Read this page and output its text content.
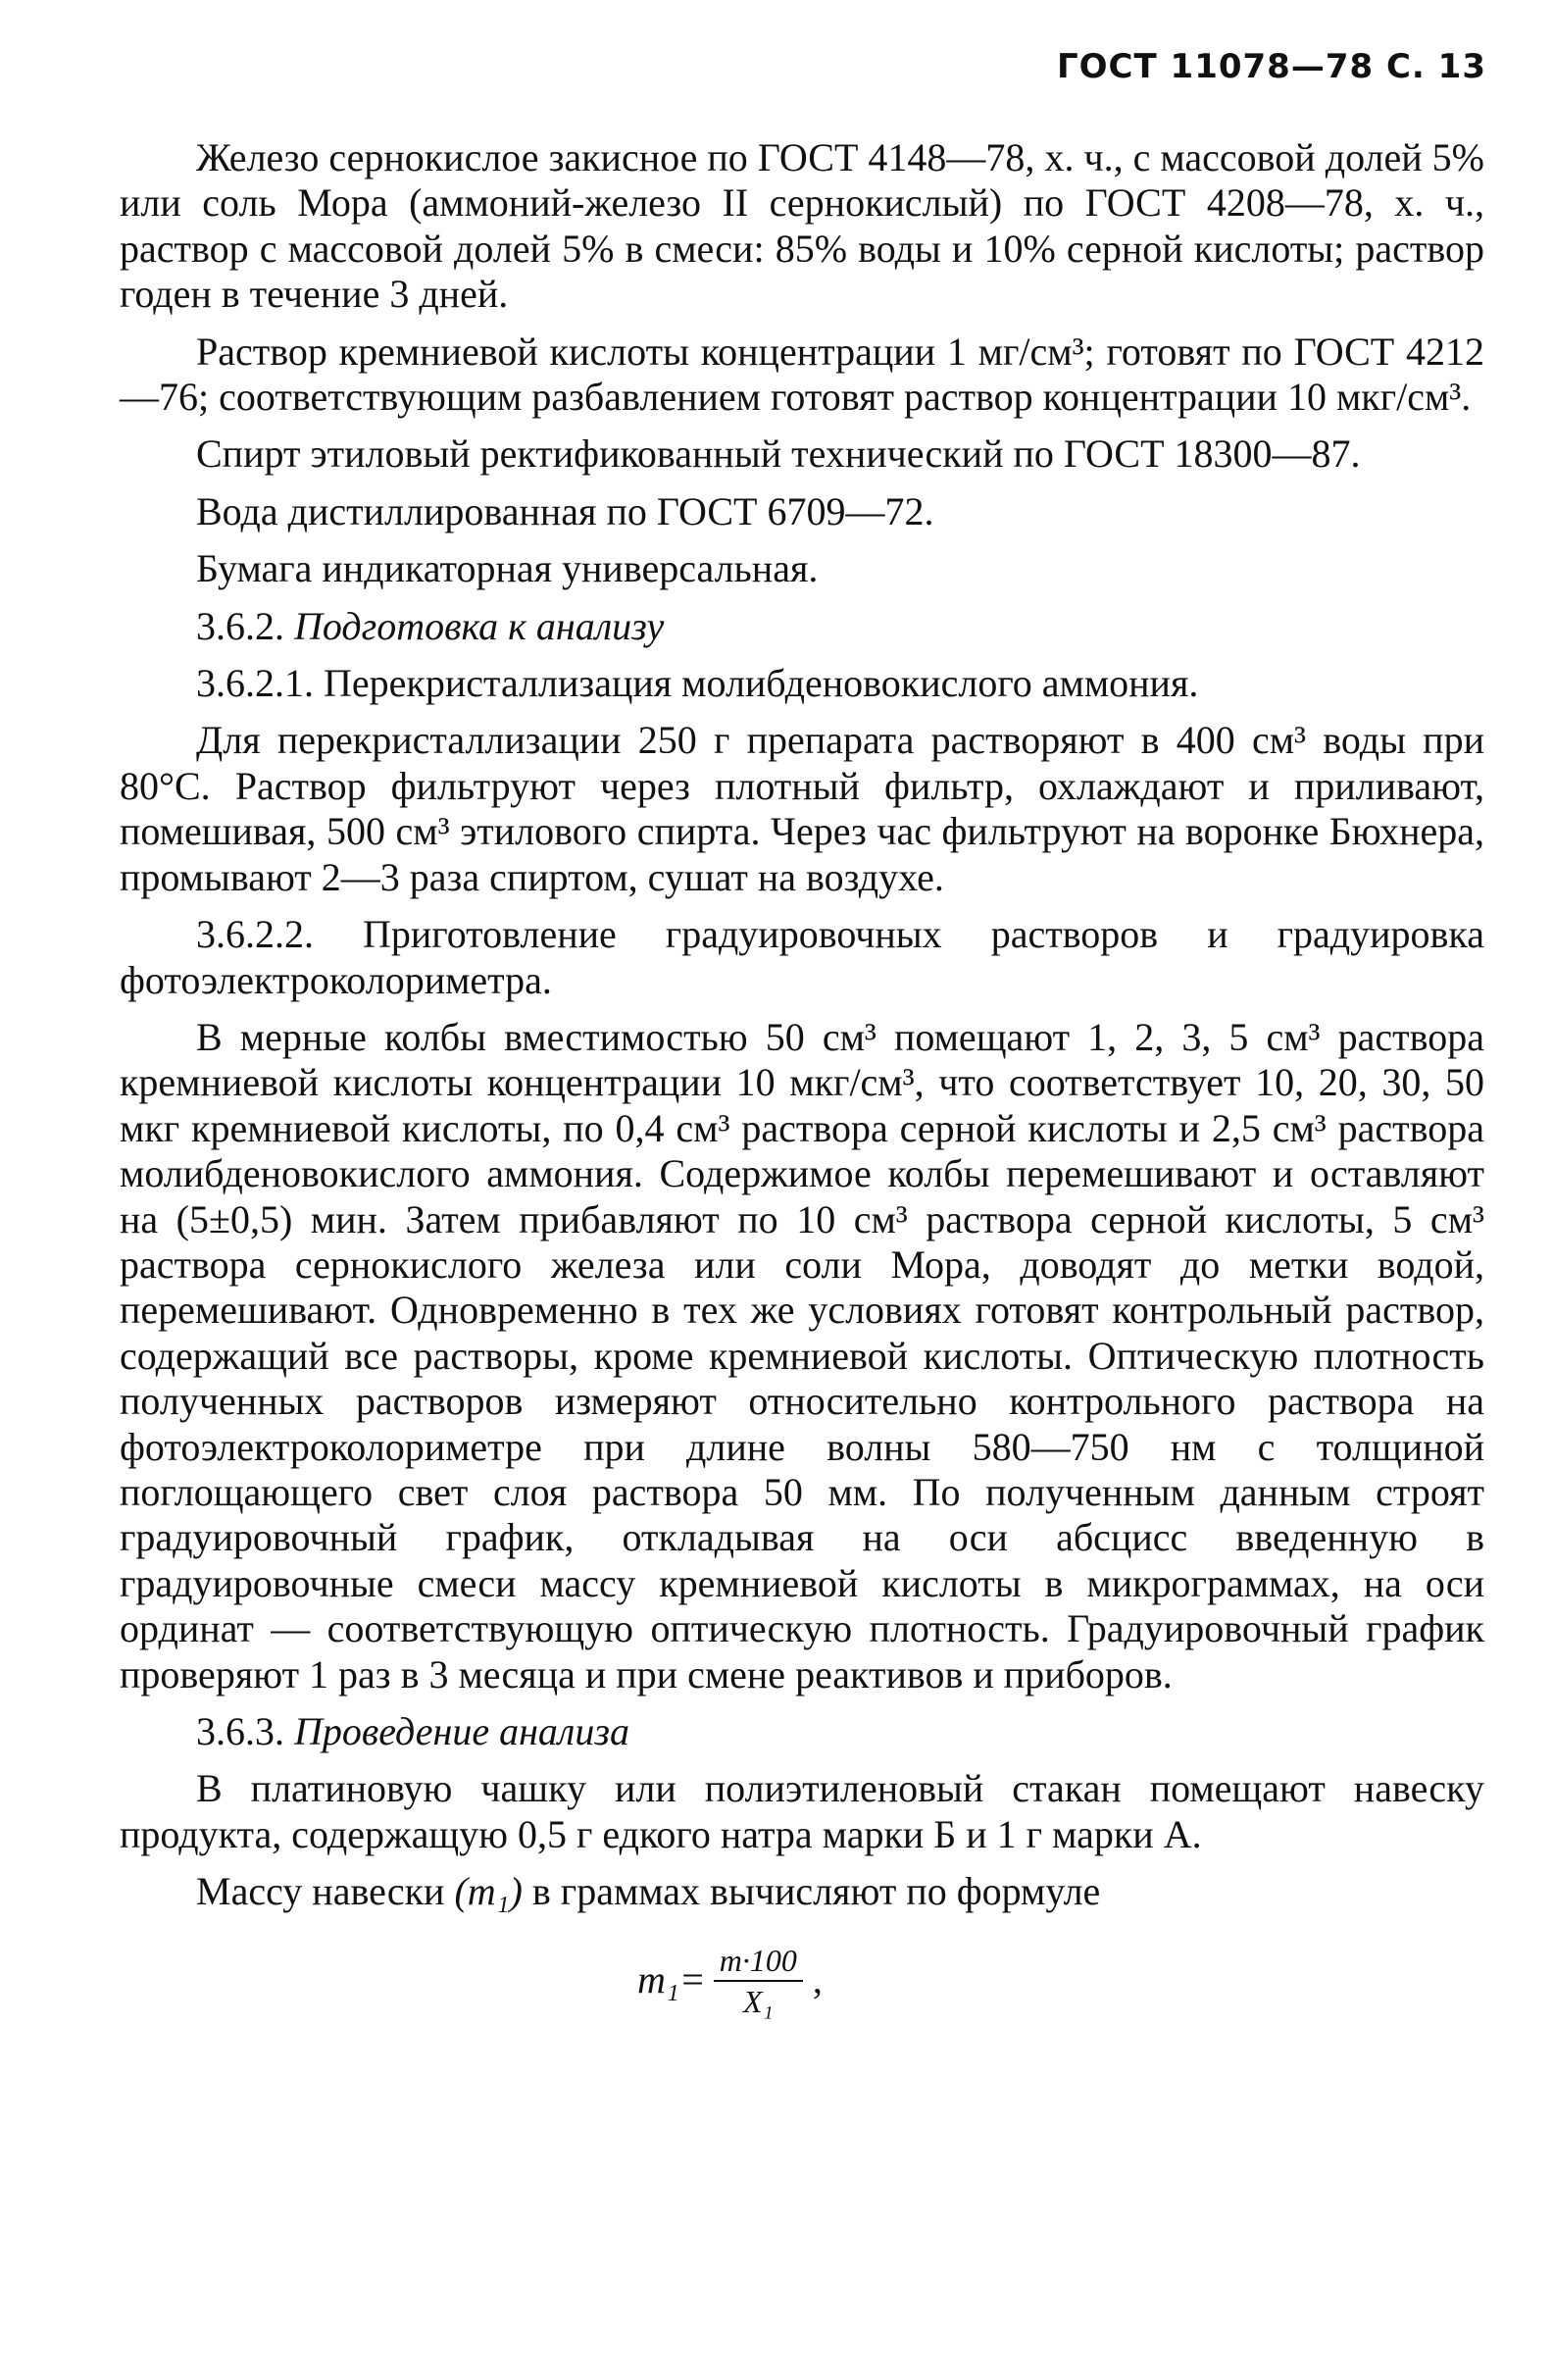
ГОСТ 11078—78 С. 13

Железо сернокислое закисное по ГОСТ 4148—78, х. ч., с массовой долей 5% или соль Мора (аммоний-железо II сернокислый) по ГОСТ 4208—78, х. ч., раствор с массовой долей 5% в смеси: 85% воды и 10% серной кислоты; раствор годен в течение 3 дней.

Раствор кремниевой кислоты концентрации 1 мг/см³; готовят по ГОСТ 4212—76; соответствующим разбавлением готовят раствор концентрации 10 мкг/см³.

Спирт этиловый ректификованный технический по ГОСТ 18300—87.

Вода дистиллированная по ГОСТ 6709—72.

Бумага индикаторная универсальная.

3.6.2. Подготовка к анализу

3.6.2.1. Перекристаллизация молибденовокислого аммония.

Для перекристаллизации 250 г препарата растворяют в 400 см³ воды при 80°С. Раствор фильтруют через плотный фильтр, охлаждают и приливают, помешивая, 500 см³ этилового спирта. Через час фильтруют на воронке Бюхнера, промывают 2—3 раза спиртом, сушат на воздухе.

3.6.2.2. Приготовление градуировочных растворов и градуировка фотоэлектроколориметра.

В мерные колбы вместимостью 50 см³ помещают 1, 2, 3, 5 см³ раствора кремниевой кислоты концентрации 10 мкг/см³, что соответствует 10, 20, 30, 50 мкг кремниевой кислоты, по 0,4 см³ раствора серной кислоты и 2,5 см³ раствора молибденовокислого аммония. Содержимое колбы перемешивают и оставляют на (5±0,5) мин. Затем прибавляют по 10 см³ раствора серной кислоты, 5 см³ раствора сернокислого железа или соли Мора, доводят до метки водой, перемешивают. Одновременно в тех же условиях готовят контрольный раствор, содержащий все растворы, кроме кремниевой кислоты. Оптическую плотность полученных растворов измеряют относительно контрольного раствора на фотоэлектроколориметре при длине волны 580—750 нм с толщиной поглощающего свет слоя раствора 50 мм. По полученным данным строят градуировочный график, откладывая на оси абсцисс введенную в градуировочные смеси массу кремниевой кислоты в микрограммах, на оси ординат — соответствующую оптическую плотность. Градуировочный график проверяют 1 раз в 3 месяца и при смене реактивов и приборов.

3.6.3. Проведение анализа

В платиновую чашку или полиэтиленовый стакан помещают навеску продукта, содержащую 0,5 г едкого натра марки Б и 1 г марки А.

Массу навески (m₁) в граммах вычисляют по формуле

$m_1= \frac{m\cdot 100}{\text{X₁}}$ ,
